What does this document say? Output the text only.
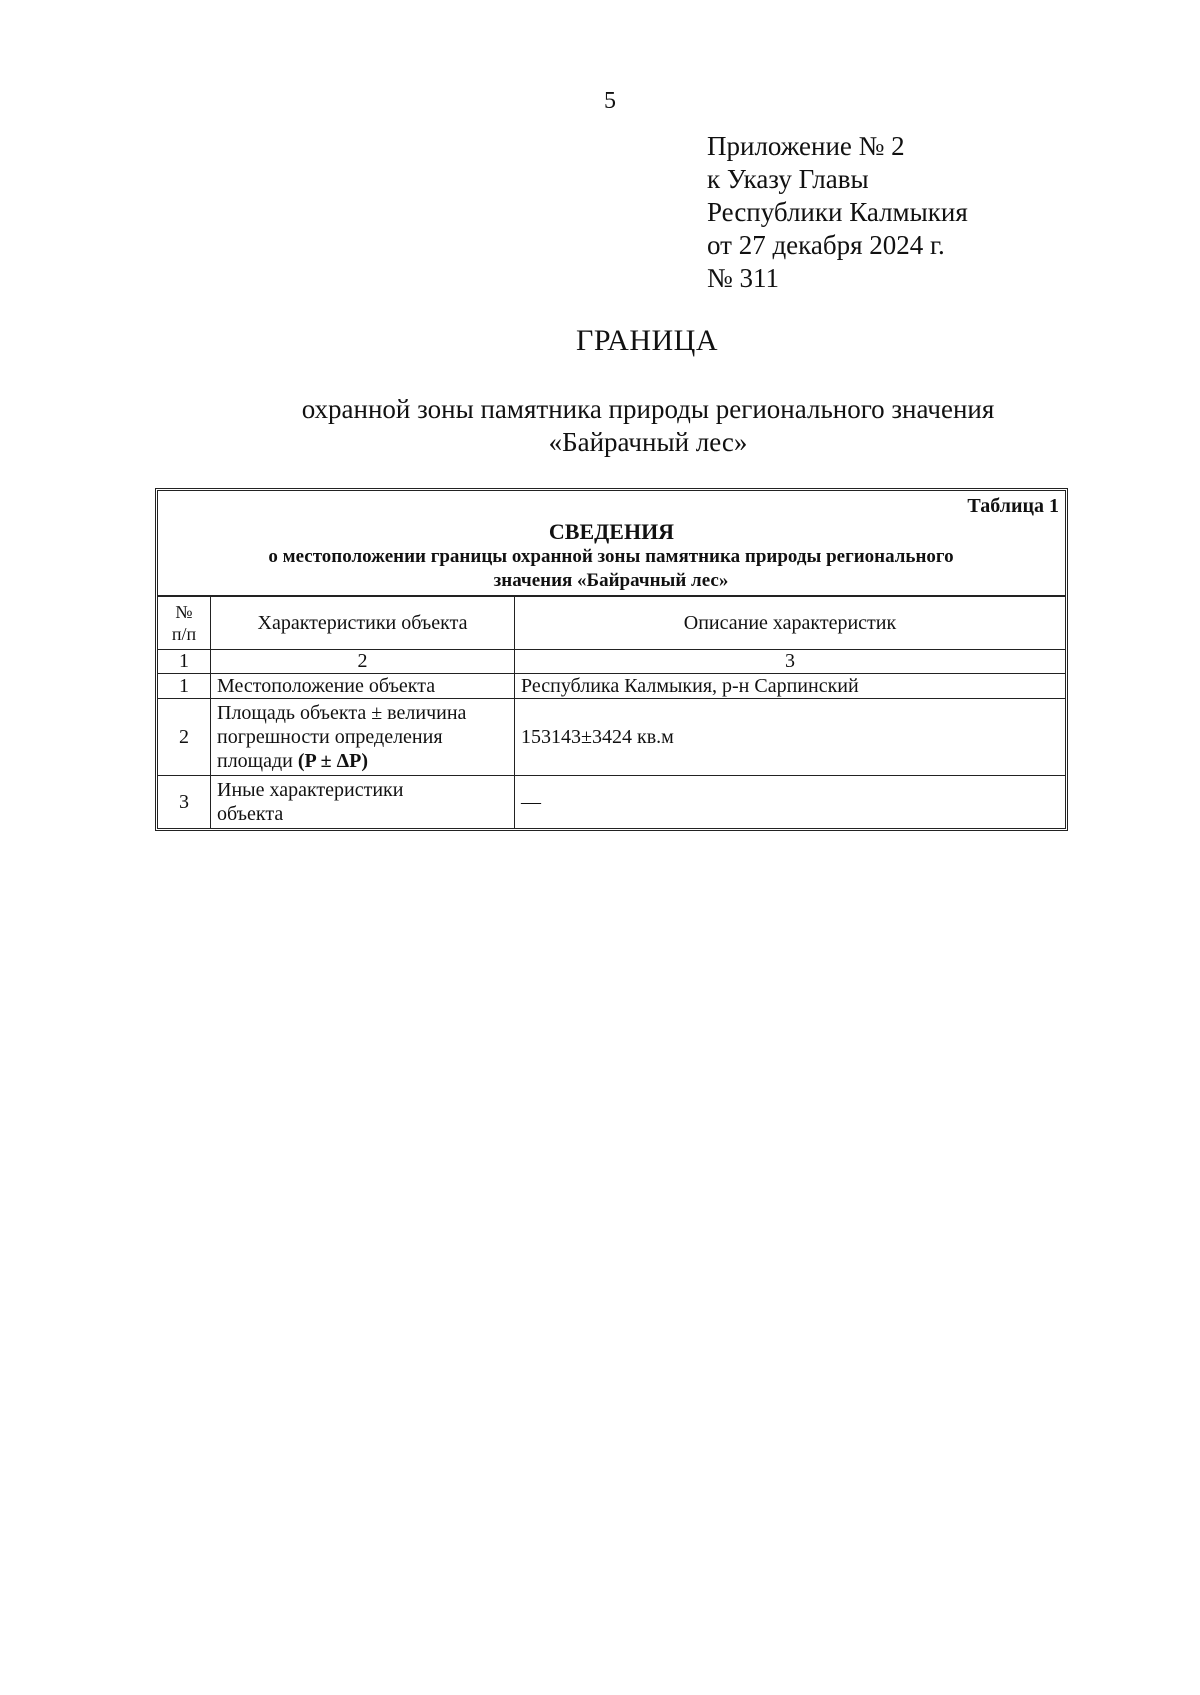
5
Приложение № 2
к Указу Главы
Республики Калмыкия
от 27 декабря 2024 г.
№ 311
ГРАНИЦА
охранной зоны памятника природы регионального значения
«Байрачный лес»
Таблица 1
СВЕДЕНИЯ
о местоположении границы охранной зоны памятника природы регионального
значения «Байрачный лес»
№
п/п	Характеристики объекта	Описание характеристик
1	2	3
1	Местоположение объекта	Республика Калмыкия, р-н Сарпинский
2	Площадь объекта ± величина
погрешности определения
площади (P ± ΔP)	153143±3424 кв.м
3	Иные характеристики
объекта	—
